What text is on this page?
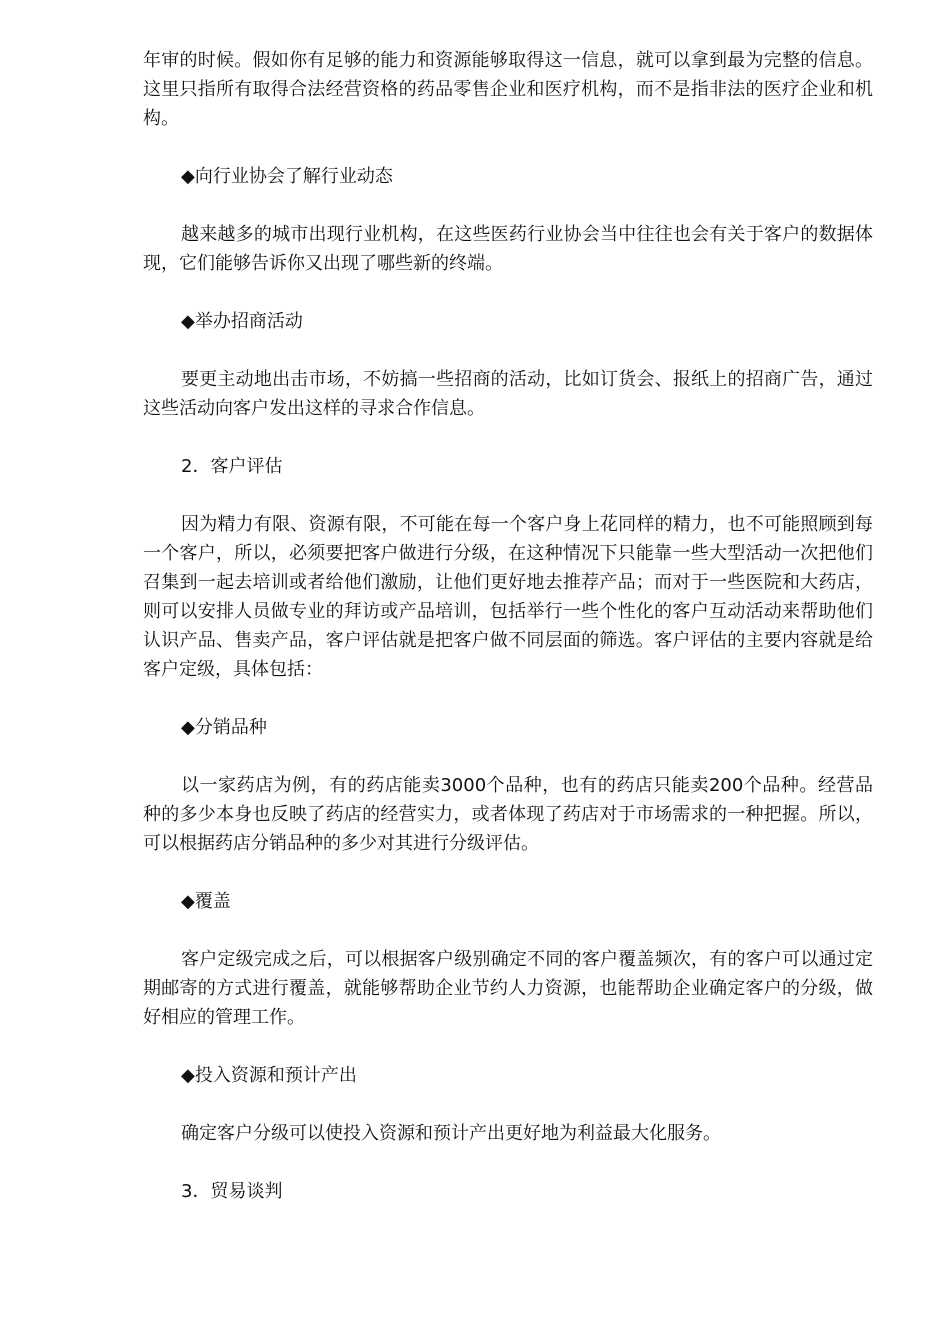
年审的时候。假如你有足够的能力和资源能够取得这一信息，就可以拿到最为完整的信息。这里只指所有取得合法经营资格的药品零售企业和医疗机构，而不是指非法的医疗企业和机构。

◆向行业协会了解行业动态

越来越多的城市出现行业机构，在这些医药行业协会当中往往也会有关于客户的数据体现，它们能够告诉你又出现了哪些新的终端。

◆举办招商活动

要更主动地出击市场，不妨搞一些招商的活动，比如订货会、报纸上的招商广告，通过这些活动向客户发出这样的寻求合作信息。

2．客户评估

因为精力有限、资源有限，不可能在每一个客户身上花同样的精力，也不可能照顾到每一个客户，所以，必须要把客户做进行分级，在这种情况下只能靠一些大型活动一次把他们召集到一起去培训或者给他们激励，让他们更好地去推荐产品；而对于一些医院和大药店，则可以安排人员做专业的拜访或产品培训，包括举行一些个性化的客户互动活动来帮助他们认识产品、售卖产品，客户评估就是把客户做不同层面的筛选。客户评估的主要内容就是给客户定级，具体包括：

◆分销品种

以一家药店为例，有的药店能卖3000个品种，也有的药店只能卖200个品种。经营品种的多少本身也反映了药店的经营实力，或者体现了药店对于市场需求的一种把握。所以，可以根据药店分销品种的多少对其进行分级评估。

◆覆盖

客户定级完成之后，可以根据客户级别确定不同的客户覆盖频次，有的客户可以通过定期邮寄的方式进行覆盖，就能够帮助企业节约人力资源，也能帮助企业确定客户的分级，做好相应的管理工作。

◆投入资源和预计产出

确定客户分级可以使投入资源和预计产出更好地为利益最大化服务。

3．贸易谈判
